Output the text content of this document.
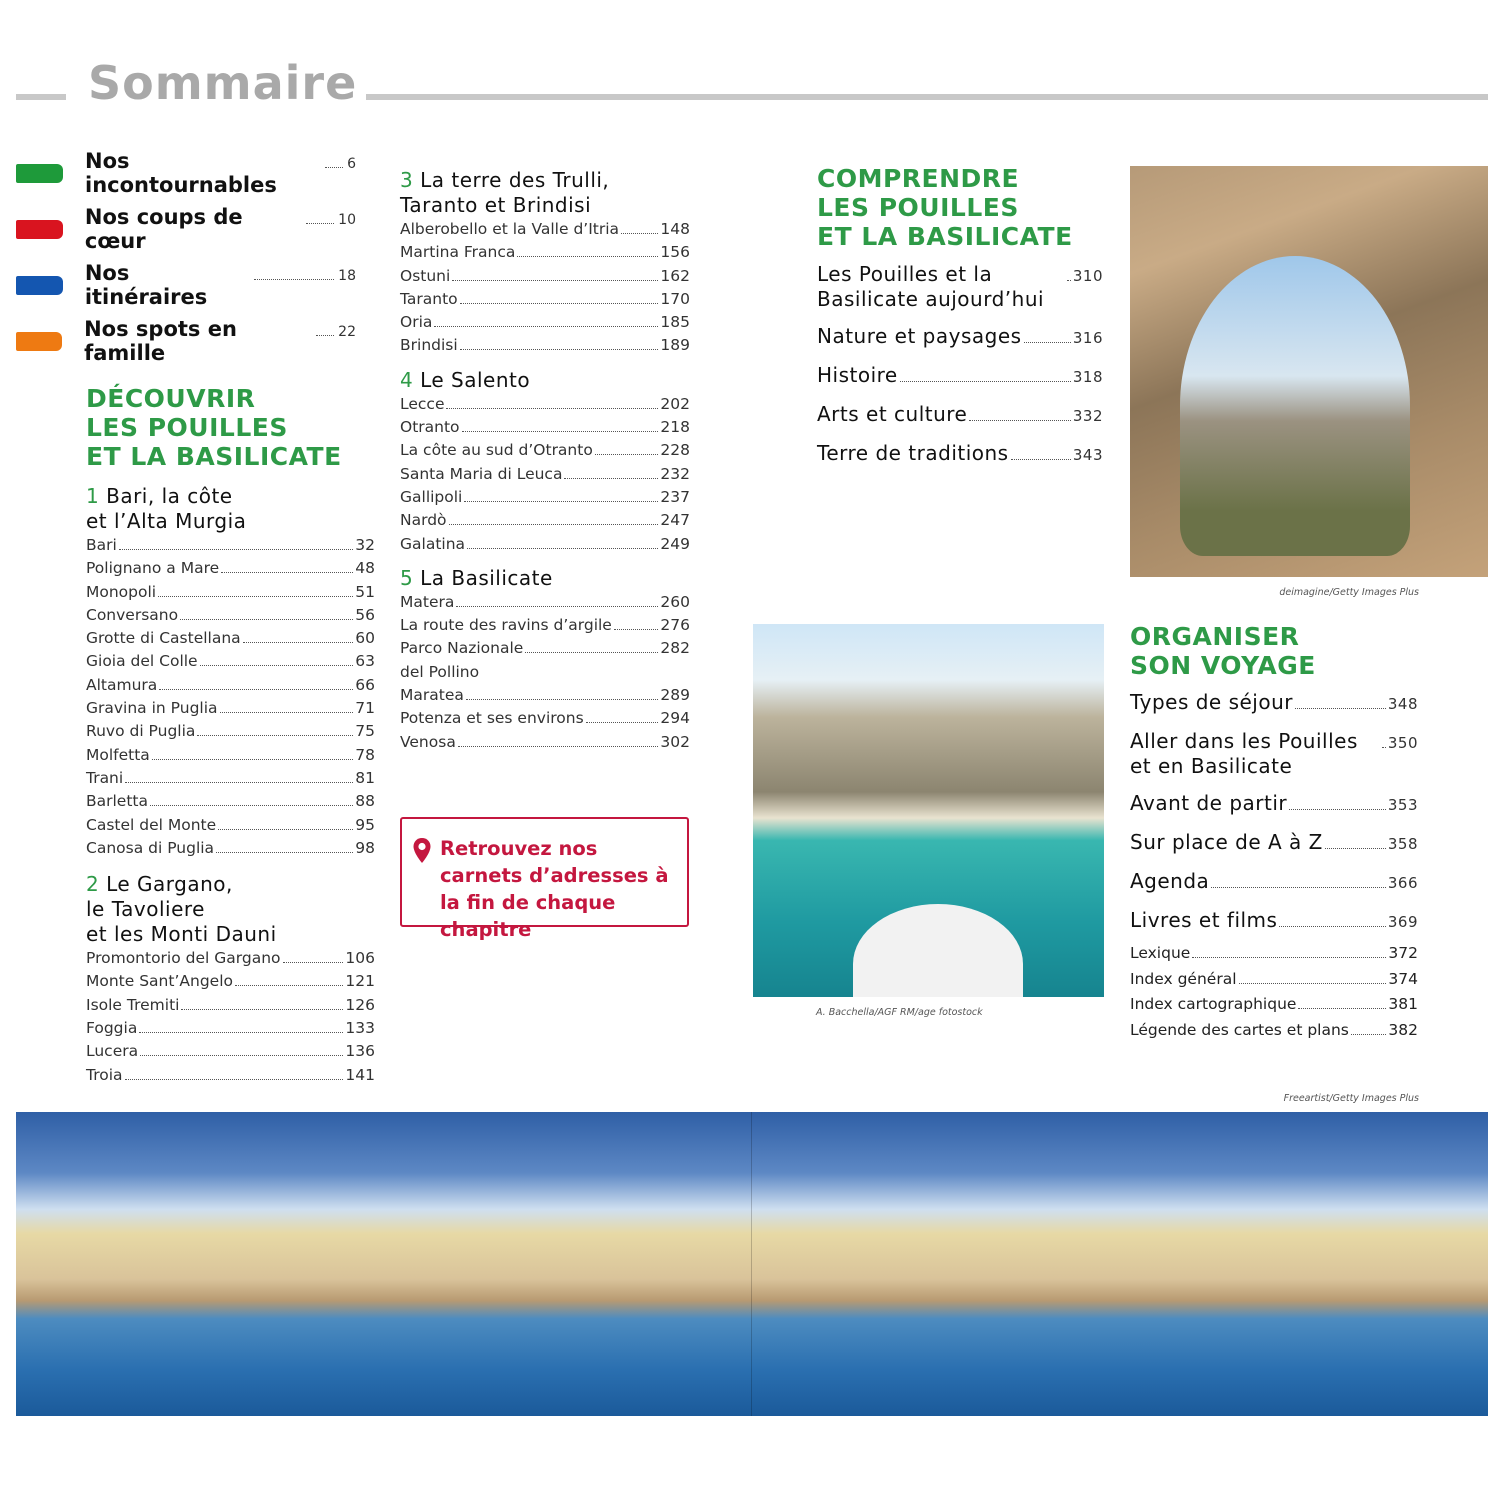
Sommaire
Nos incontournables
6
Nos coups de cœur
10
Nos itinéraires
18
Nos spots en famille
22
DÉCOUVRIR
LES POUILLES
ET LA BASILICATE
1 Bari, la côte
et l’Alta Murgia
Bari	32
Polignano a Mare	48
Monopoli	51
Conversano	56
Grotte di Castellana	60
Gioia del Colle	63
Altamura	66
Gravina in Puglia	71
Ruvo di Puglia	75
Molfetta	78
Trani	81
Barletta	88
Castel del Monte	95
Canosa di Puglia	98
2 Le Gargano,
le Tavoliere
et les Monti Dauni
Promontorio del Gargano	106
Monte Sant’Angelo	121
Isole Tremiti	126
Foggia	133
Lucera	136
Troia	141
3 La terre des Trulli,
Taranto et Brindisi
Alberobello et la Valle d’Itria	148
Martina Franca	156
Ostuni	162
Taranto	170
Oria	185
Brindisi	189
4 Le Salento
Lecce	202
Otranto	218
La côte au sud d’Otranto	228
Santa Maria di Leuca	232
Gallipoli	237
Nardò	247
Galatina	249
5 La Basilicate
Matera	260
La route des ravins d’argile	276
Parco Nazionale
del Pollino
282
Maratea	289
Potenza et ses environs	294
Venosa	302
Retrouvez nos carnets d’adresses à la fin de chaque chapitre
COMPRENDRE
LES POUILLES
ET LA BASILICATE
Les Pouilles et la Basilicate aujourd’hui
310
Nature et paysages	316
Histoire	318
Arts et culture	332
Terre de traditions	343
deimagine/Getty Images Plus
A. Bacchella/AGF RM/age fotostock
ORGANISER
SON VOYAGE
Types de séjour	348
Aller dans les Pouilles et en Basilicate
350
Avant de partir	353
Sur place de A à Z	358
Agenda	366
Livres et films	369
Lexique	372
Index général	374
Index cartographique	381
Légende des cartes et plans	382
Freeartist/Getty Images Plus
